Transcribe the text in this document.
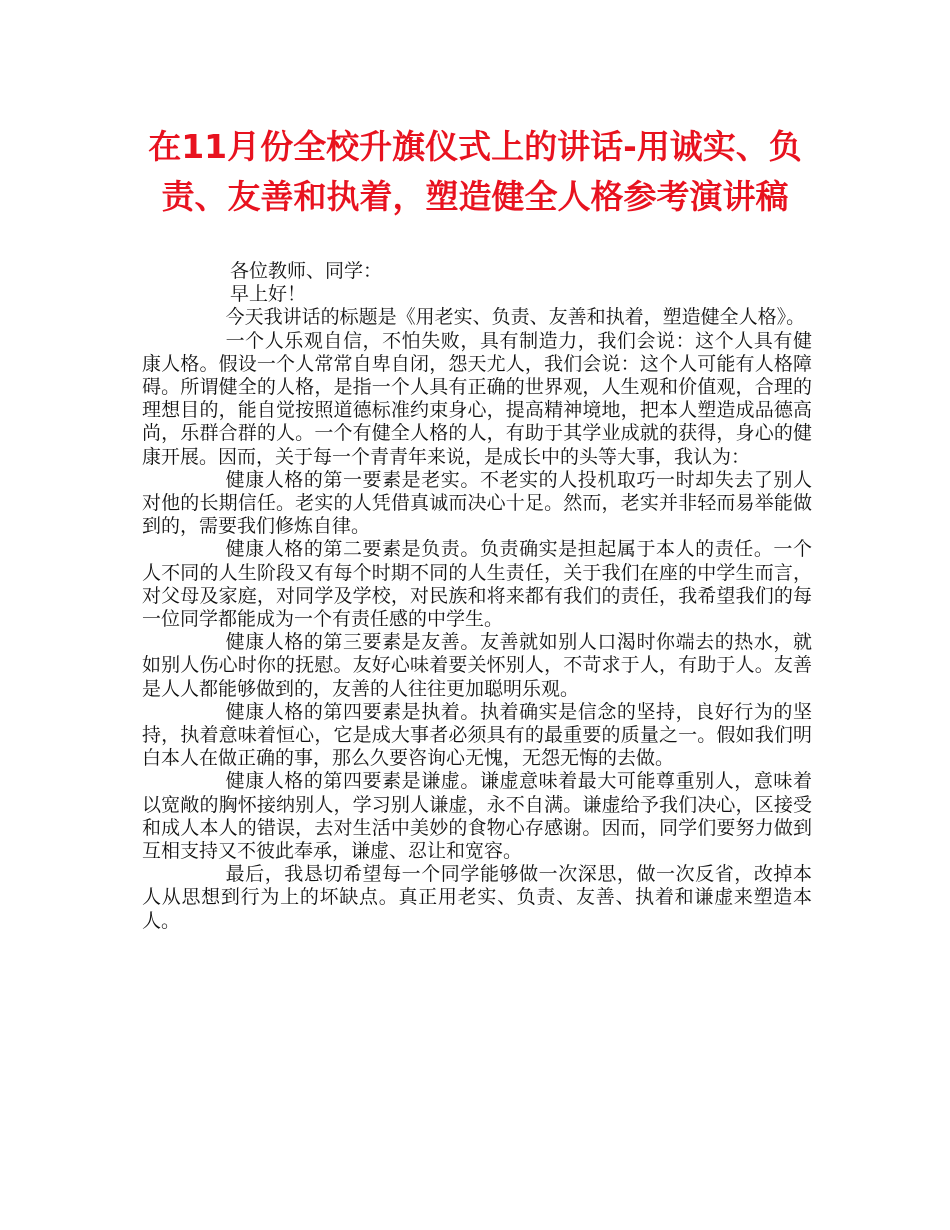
在11月份全校升旗仪式上的讲话-用诚实、负责、友善和执着，塑造健全人格参考演讲稿

各位教师、同学：

早上好！

今天我讲话的标题是《用老实、负责、友善和执着，塑造健全人格》。

一个人乐观自信，不怕失败，具有制造力，我们会说：这个人具有健康人格。假设一个人常常自卑自闭，怨天尤人，我们会说：这个人可能有人格障碍。所谓健全的人格，是指一个人具有正确的世界观，人生观和价值观，合理的理想目的，能自觉按照道德标准约束身心，提高精神境地，把本人塑造成品德高尚，乐群合群的人。一个有健全人格的人，有助于其学业成就的获得，身心的健康开展。因而，关于每一个青青年来说，是成长中的头等大事，我认为：

健康人格的第一要素是老实。不老实的人投机取巧一时却失去了别人对他的长期信任。老实的人凭借真诚而决心十足。然而，老实并非轻而易举能做到的，需要我们修炼自律。

健康人格的第二要素是负责。负责确实是担起属于本人的责任。一个人不同的人生阶段又有每个时期不同的人生责任，关于我们在座的中学生而言，对父母及家庭，对同学及学校，对民族和将来都有我们的责任，我希望我们的每一位同学都能成为一个有责任感的中学生。

健康人格的第三要素是友善。友善就如别人口渴时你端去的热水，就如别人伤心时你的抚慰。友好心味着要关怀别人，不苛求于人，有助于人。友善是人人都能够做到的，友善的人往往更加聪明乐观。

健康人格的第四要素是执着。执着确实是信念的坚持，良好行为的坚持，执着意味着恒心，它是成大事者必须具有的最重要的质量之一。假如我们明白本人在做正确的事，那么久要咨询心无愧，无怨无悔的去做。

健康人格的第四要素是谦虚。谦虚意味着最大可能尊重别人，意味着以宽敞的胸怀接纳别人，学习别人谦虚，永不自满。谦虚给予我们决心，区接受和成人本人的错误，去对生活中美妙的食物心存感谢。因而，同学们要努力做到互相支持又不彼此奉承，谦虚、忍让和宽容。

最后，我恳切希望每一个同学能够做一次深思，做一次反省，改掉本人从思想到行为上的坏缺点。真正用老实、负责、友善、执着和谦虚来塑造本人。
